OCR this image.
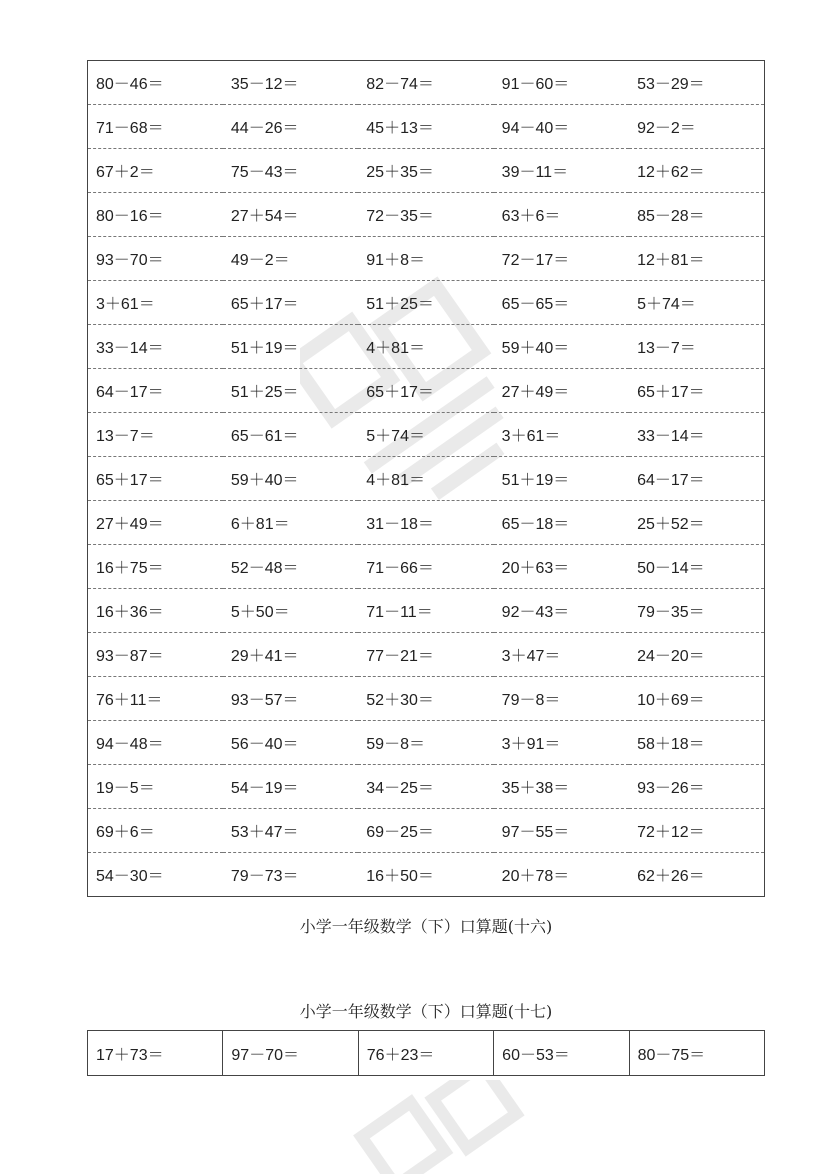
80－46＝	35－12＝	82－74＝	91－60＝	53－29＝
71－68＝	44－26＝	45＋13＝	94－40＝	92－2＝
67＋2＝	75－43＝	25＋35＝	39－11＝	12＋62＝
80－16＝	27＋54＝	72－35＝	63＋6＝	85－28＝
93－70＝	49－2＝	91＋8＝	72－17＝	12＋81＝
3＋61＝	65＋17＝	51＋25＝	65－65＝	5＋74＝
33－14＝	51＋19＝	4＋81＝	59＋40＝	13－7＝
64－17＝	51＋25＝	65＋17＝	27＋49＝	65＋17＝
13－7＝	65－61＝	5＋74＝	3＋61＝	33－14＝
65＋17＝	59＋40＝	4＋81＝	51＋19＝	64－17＝
27＋49＝	6＋81＝	31－18＝	65－18＝	25＋52＝
16＋75＝	52－48＝	71－66＝	20＋63＝	50－14＝
16＋36＝	5＋50＝	71－11＝	92－43＝	79－35＝
93－87＝	29＋41＝	77－21＝	3＋47＝	24－20＝
76＋11＝	93－57＝	52＋30＝	79－8＝	10＋69＝
94－48＝	56－40＝	59－8＝	3＋91＝	58＋18＝
19－5＝	54－19＝	34－25＝	35＋38＝	93－26＝
69＋6＝	53＋47＝	69－25＝	97－55＝	72＋12＝
54－30＝	79－73＝	16＋50＝	20＋78＝	62＋26＝
小学一年级数学（下）口算题(十六)
小学一年级数学（下）口算题(十七)
17＋73＝	97－70＝	76＋23＝	60－53＝	80－75＝
